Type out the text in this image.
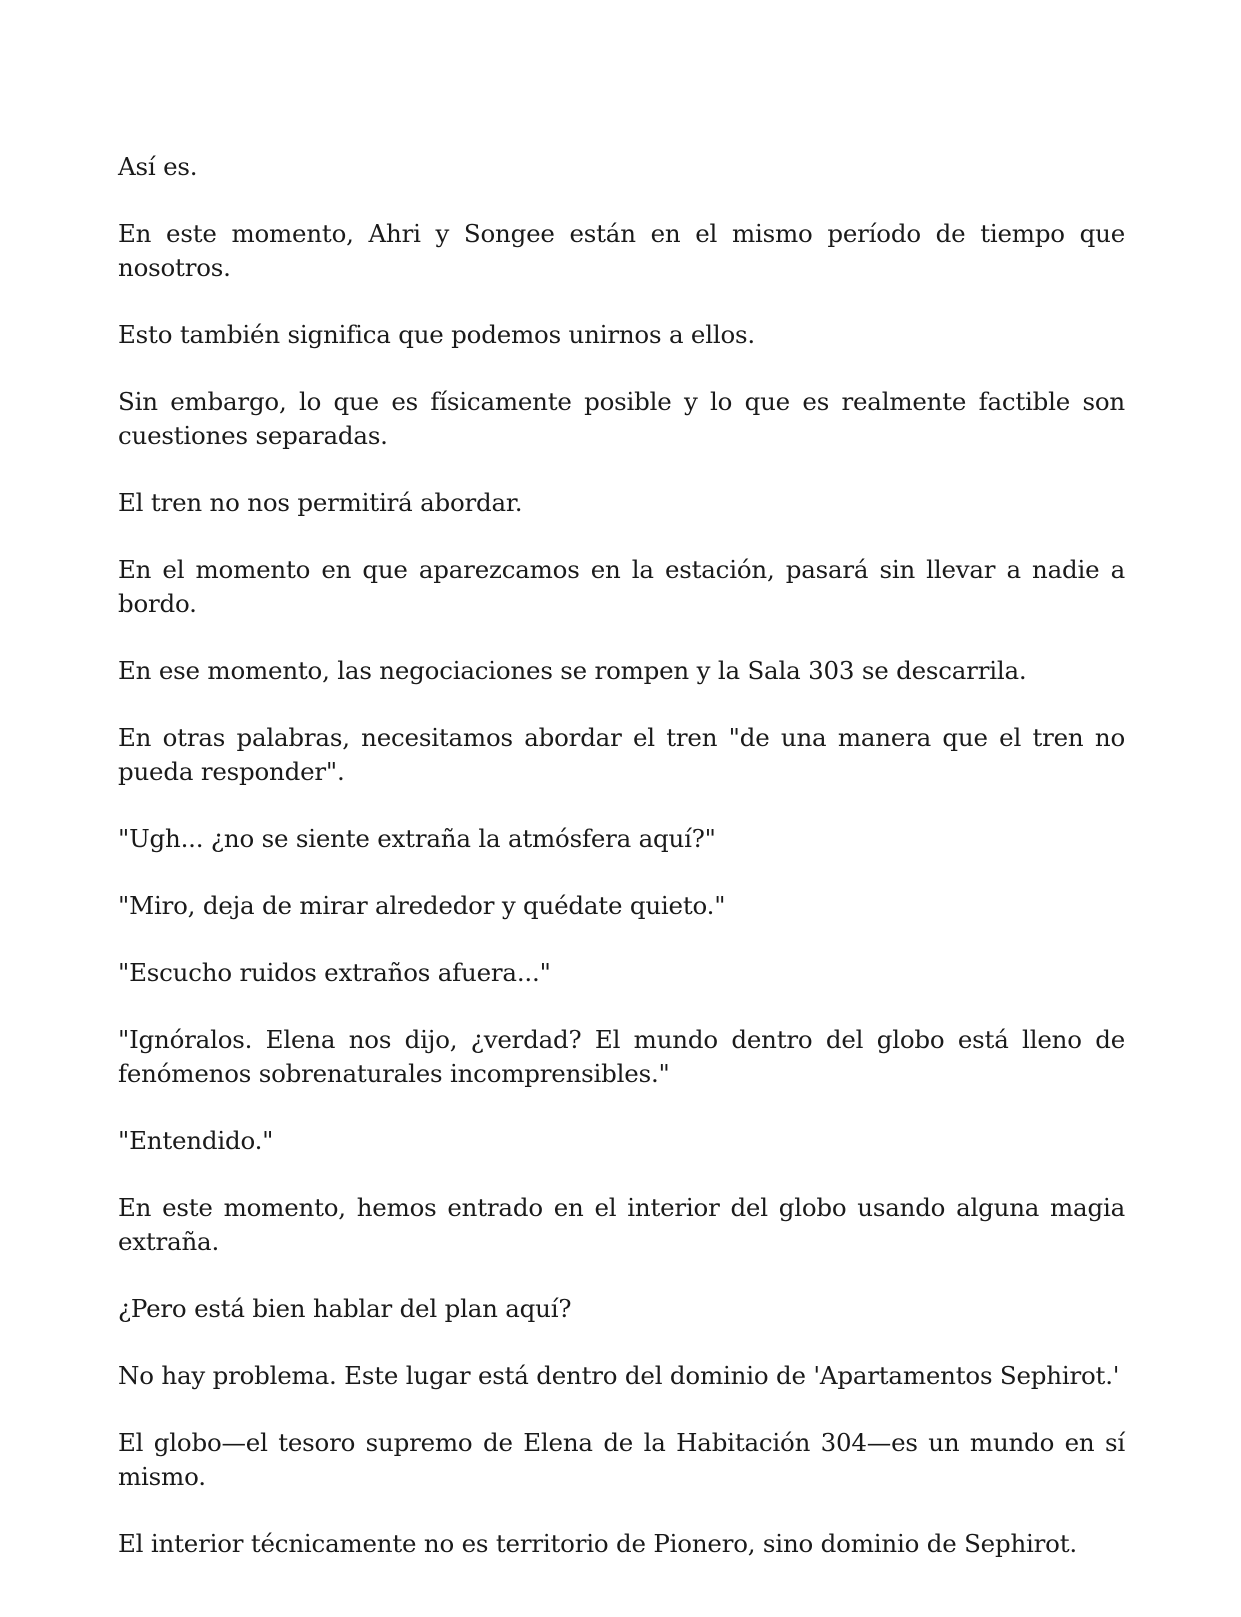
Así es.

En este momento, Ahri y Songee están en el mismo período de tiempo que nosotros.

Esto también significa que podemos unirnos a ellos.

Sin embargo, lo que es físicamente posible y lo que es realmente factible son cuestiones separadas.

El tren no nos permitirá abordar.

En el momento en que aparezcamos en la estación, pasará sin llevar a nadie a bordo.

En ese momento, las negociaciones se rompen y la Sala 303 se descarrila.

En otras palabras, necesitamos abordar el tren "de una manera que el tren no pueda responder".

"Ugh... ¿no se siente extraña la atmósfera aquí?"

"Miro, deja de mirar alrededor y quédate quieto."

"Escucho ruidos extraños afuera..."

"Ignóralos. Elena nos dijo, ¿verdad? El mundo dentro del globo está lleno de fenómenos sobrenaturales incomprensibles."

"Entendido."

En este momento, hemos entrado en el interior del globo usando alguna magia extraña.

¿Pero está bien hablar del plan aquí?

No hay problema. Este lugar está dentro del dominio de 'Apartamentos Sephirot.'

El globo—el tesoro supremo de Elena de la Habitación 304—es un mundo en sí mismo.

El interior técnicamente no es territorio de Pionero, sino dominio de Sephirot.
